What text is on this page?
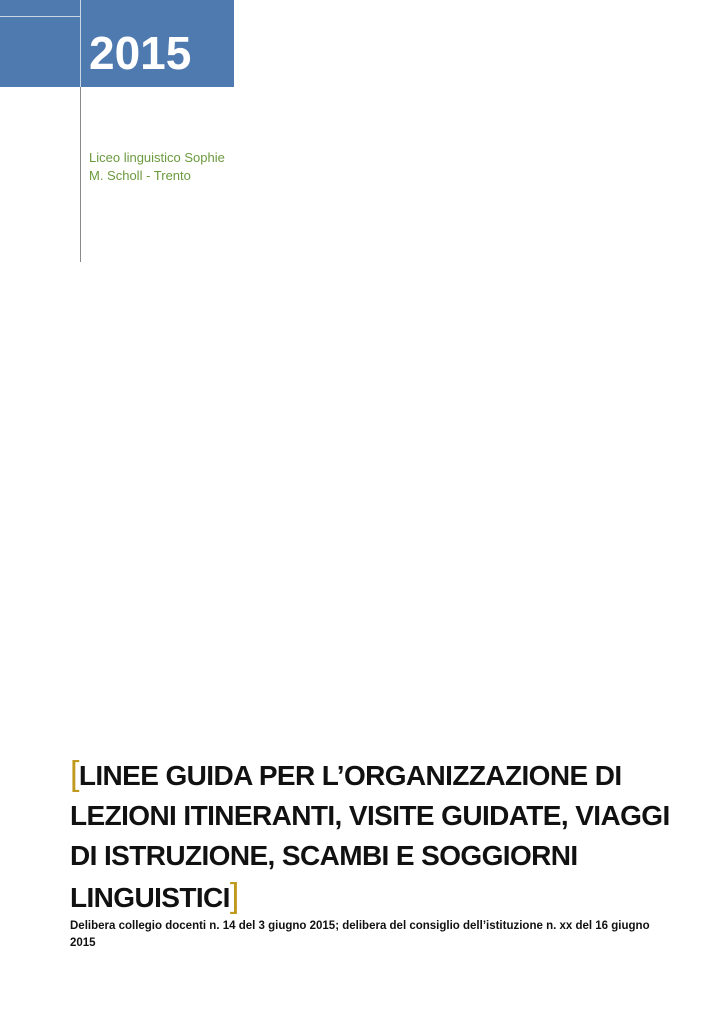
2015
Liceo linguistico Sophie
M. Scholl - Trento
[LINEE GUIDA PER L’ORGANIZZAZIONE DI LEZIONI ITINERANTI, VISITE GUIDATE, VIAGGI DI ISTRUZIONE, SCAMBI E SOGGIORNI LINGUISTICI]
Delibera collegio docenti n. 14 del 3 giugno 2015; delibera del consiglio dell’istituzione n. xx del 16 giugno 2015
